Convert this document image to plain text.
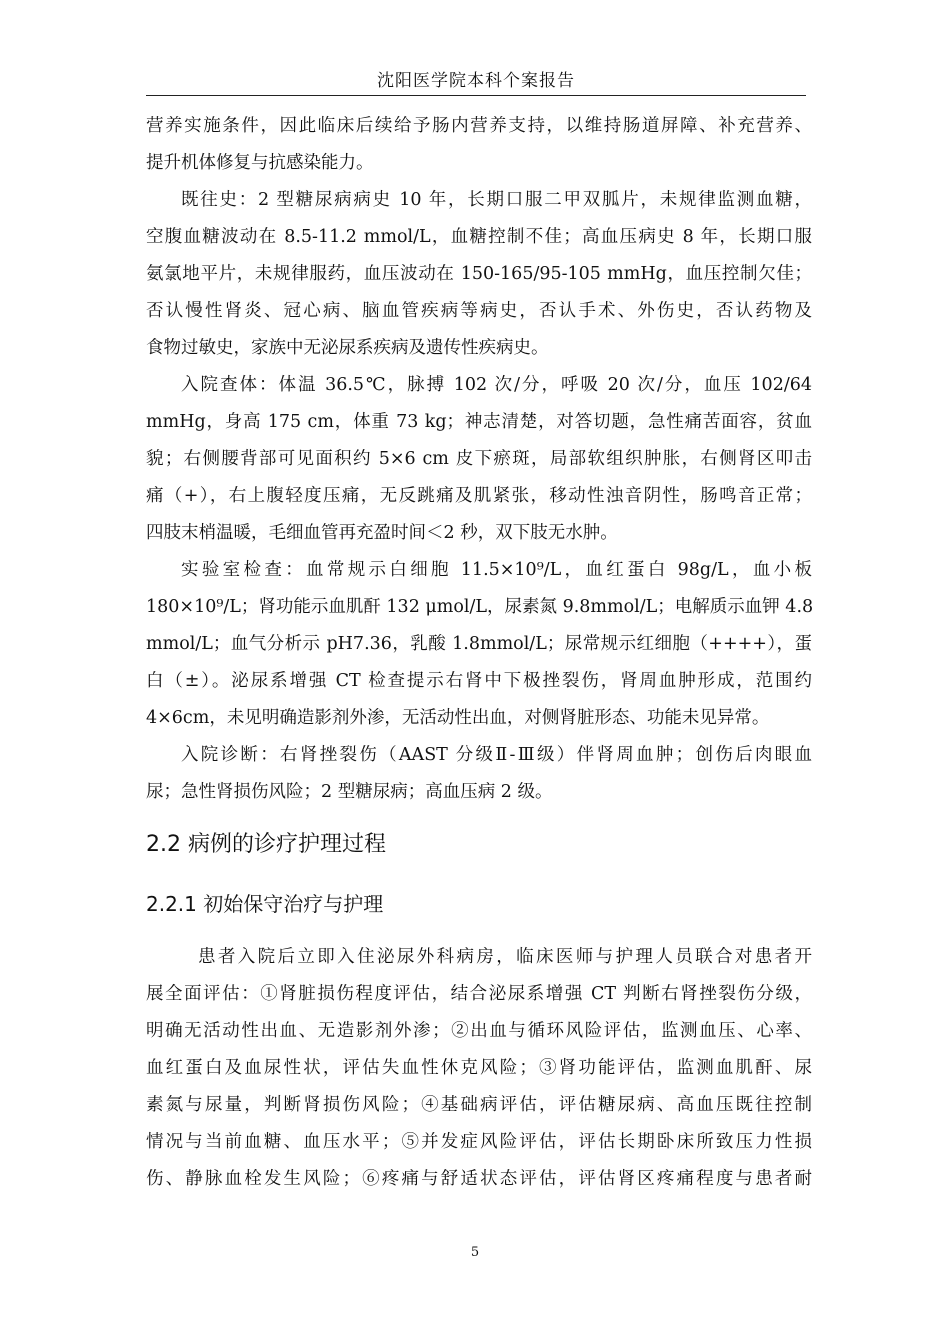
沈阳医学院本科个案报告
营养实施条件，因此临床后续给予肠内营养支持，以维持肠道屏障、补充营养、
提升机体修复与抗感染能力。
既往史：2 型糖尿病病史 10 年，长期口服二甲双胍片，未规律监测血糖，
空腹血糖波动在 8.5-11.2 mmol/L，血糖控制不佳；高血压病史 8 年，长期口服
氨氯地平片，未规律服药，血压波动在 150-165/95-105 mmHg，血压控制欠佳；
否认慢性肾炎、冠心病、脑血管疾病等病史，否认手术、外伤史，否认药物及
食物过敏史，家族中无泌尿系疾病及遗传性疾病史。
入院查体：体温 36.5℃，脉搏 102 次/分，呼吸 20 次/分，血压 102/64
mmHg，身高 175 cm，体重 73 kg；神志清楚，对答切题，急性痛苦面容，贫血
貌；右侧腰背部可见面积约 5×6 cm 皮下瘀斑，局部软组织肿胀，右侧肾区叩击
痛（+），右上腹轻度压痛，无反跳痛及肌紧张，移动性浊音阴性，肠鸣音正常；
四肢末梢温暖，毛细血管再充盈时间＜2 秒，双下肢无水肿。
实验室检查：血常规示白细胞 11.5×10⁹/L，血红蛋白 98g/L，血小板
180×10⁹/L；肾功能示血肌酐 132 μmol/L，尿素氮 9.8mmol/L；电解质示血钾 4.8
mmol/L；血气分析示 pH7.36，乳酸 1.8mmol/L；尿常规示红细胞（++++），蛋
白（±）。泌尿系增强 CT 检查提示右肾中下极挫裂伤，肾周血肿形成，范围约
4×6cm，未见明确造影剂外渗，无活动性出血，对侧肾脏形态、功能未见异常。
入院诊断：右肾挫裂伤（AAST 分级Ⅱ-Ⅲ级）伴肾周血肿；创伤后肉眼血
尿；急性肾损伤风险；2 型糖尿病；高血压病 2 级。
2.2 病例的诊疗护理过程
2.2.1 初始保守治疗与护理
患者入院后立即入住泌尿外科病房，临床医师与护理人员联合对患者开
展全面评估：①肾脏损伤程度评估，结合泌尿系增强 CT 判断右肾挫裂伤分级，
明确无活动性出血、无造影剂外渗；②出血与循环风险评估，监测血压、心率、
血红蛋白及血尿性状，评估失血性休克风险；③肾功能评估，监测血肌酐、尿
素氮与尿量，判断肾损伤风险；④基础病评估，评估糖尿病、高血压既往控制
情况与当前血糖、血压水平；⑤并发症风险评估，评估长期卧床所致压力性损
伤、静脉血栓发生风险；⑥疼痛与舒适状态评估，评估肾区疼痛程度与患者耐
5
